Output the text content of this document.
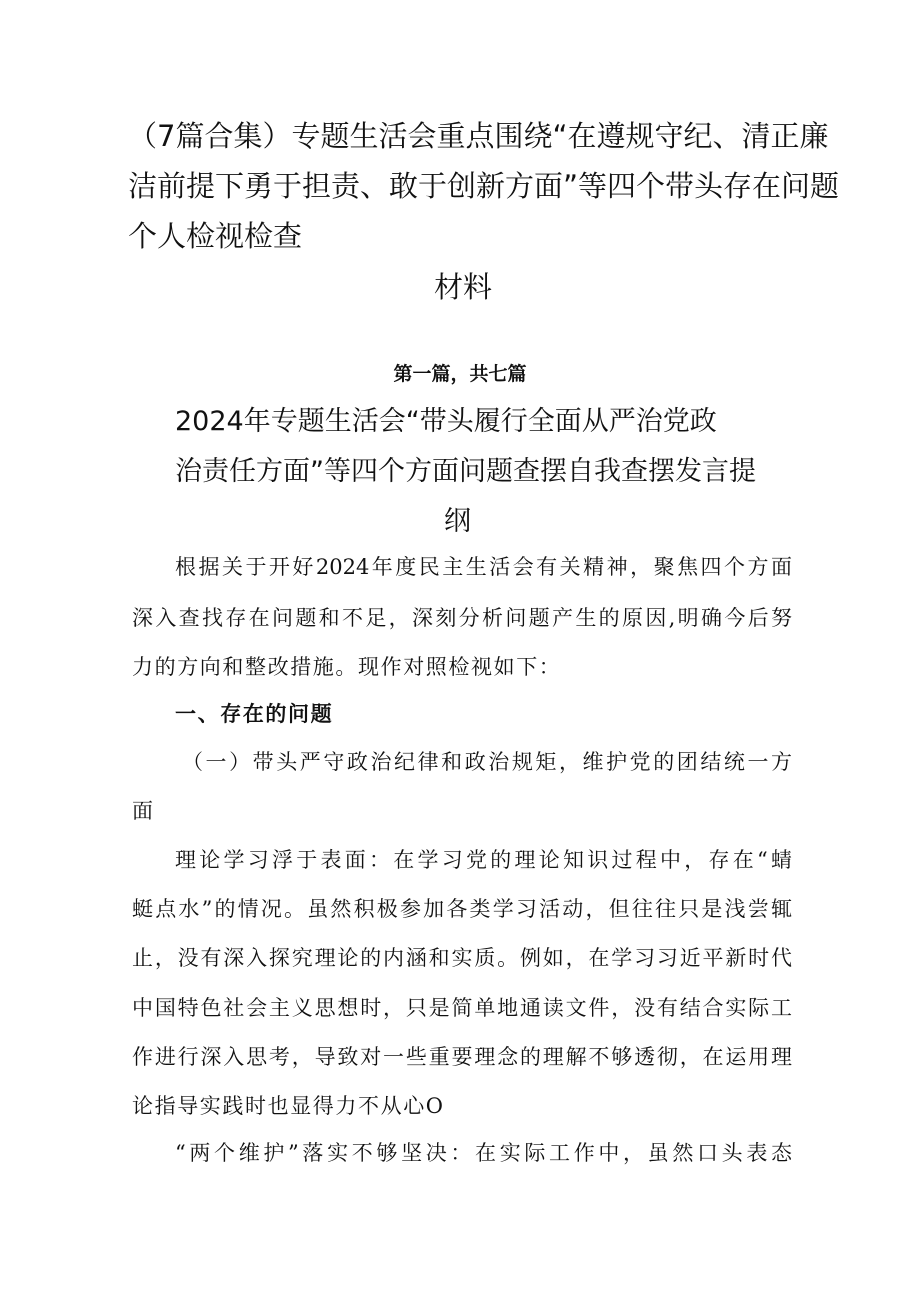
（7篇合集）专题生活会重点围绕“在遵规守纪、清正廉
洁前提下勇于担责、敢于创新方面”等四个带头存在问题
个人检视检查
材料
第一篇，共七篇
2024年专题生活会“带头履行全面从严治党政
治责任方面”等四个方面问题查摆自我查摆发言提
纲
根据关于开好2024年度民主生活会有关精神，聚焦四个方面
深入查找存在问题和不足，深刻分析问题产生的原因,明确今后努
力的方向和整改措施。现作对照检视如下：
一、存在的问题
（一）带头严守政治纪律和政治规矩，维护党的团结统一方
面
理论学习浮于表面：在学习党的理论知识过程中，存在“蜻
蜓点水”的情况。虽然积极参加各类学习活动，但往往只是浅尝辄
止，没有深入探究理论的内涵和实质。例如，在学习习近平新时代
中国特色社会主义思想时，只是简单地通读文件，没有结合实际工
作进行深入思考，导致对一些重要理念的理解不够透彻，在运用理
论指导实践时也显得力不从心O
“两个维护”落实不够坚决：在实际工作中，虽然口头表态
